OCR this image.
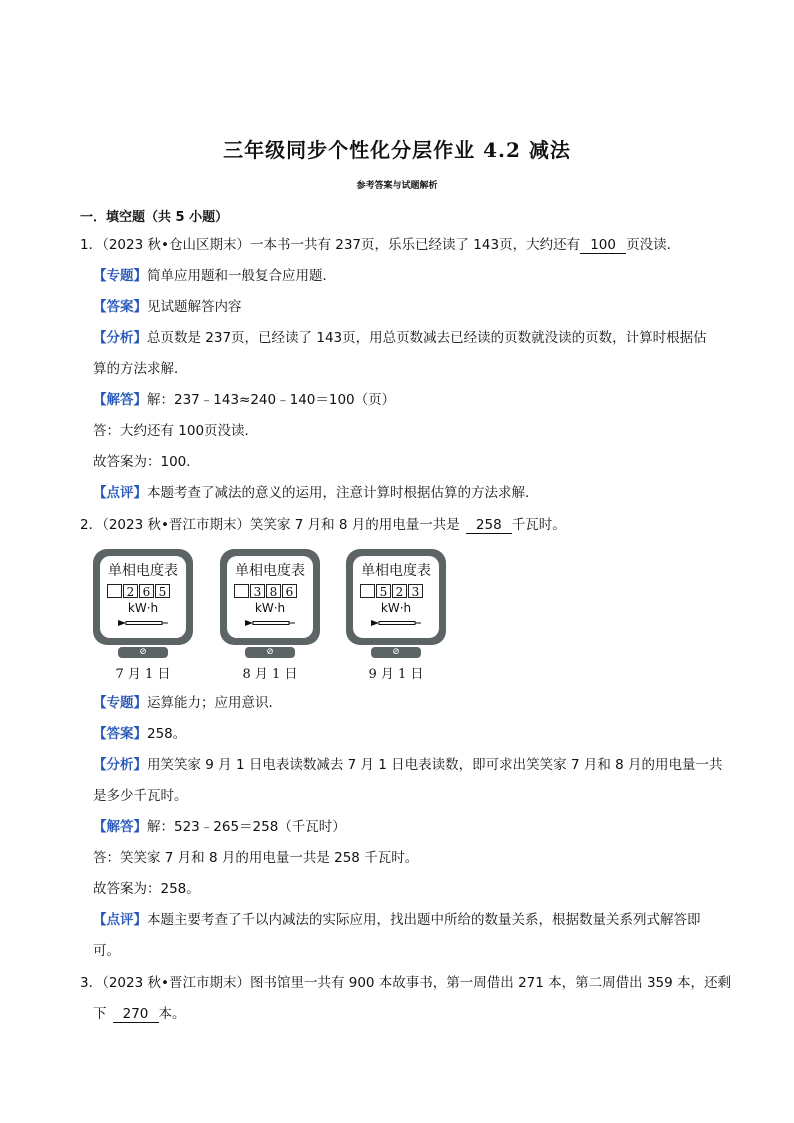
三年级同步个性化分层作业 4.2 减法
参考答案与试题解析
一．填空题（共 5 小题）
1．（2023 秋•仓山区期末）一本书一共有 237页，乐乐已经读了 143页，大约还有 100 页没读．
【专题】简单应用题和一般复合应用题．
【答案】见试题解答内容
【分析】总页数是 237页，已经读了 143页，用总页数减去已经读的页数就没读的页数，计算时根据估
算的方法求解．
【解答】解：237﹣143≈240﹣140＝100（页）
答：大约还有 100页没读．
故答案为：100．
【点评】本题考查了减法的意义的运用，注意计算时根据估算的方法求解．
2．（2023 秋•晋江市期末）笑笑家 7 月和 8 月的用电量一共是 258 千瓦时。
单相电度表
2 6 5
kW·h
⊘
7 月 1 日
单相电度表
3 8 6
kW·h
⊘
8 月 1 日
单相电度表
5 2 3
kW·h
⊘
9 月 1 日
【专题】运算能力；应用意识．
【答案】258。
【分析】用笑笑家 9 月 1 日电表读数减去 7 月 1 日电表读数，即可求出笑笑家 7 月和 8 月的用电量一共
是多少千瓦时。
【解答】解：523﹣265＝258（千瓦时）
答：笑笑家 7 月和 8 月的用电量一共是 258 千瓦时。
故答案为：258。
【点评】本题主要考查了千以内减法的实际应用，找出题中所给的数量关系，根据数量关系列式解答即
可。
3．（2023 秋•晋江市期末）图书馆里一共有 900 本故事书，第一周借出 271 本，第二周借出 359 本，还剩
下 270 本。
